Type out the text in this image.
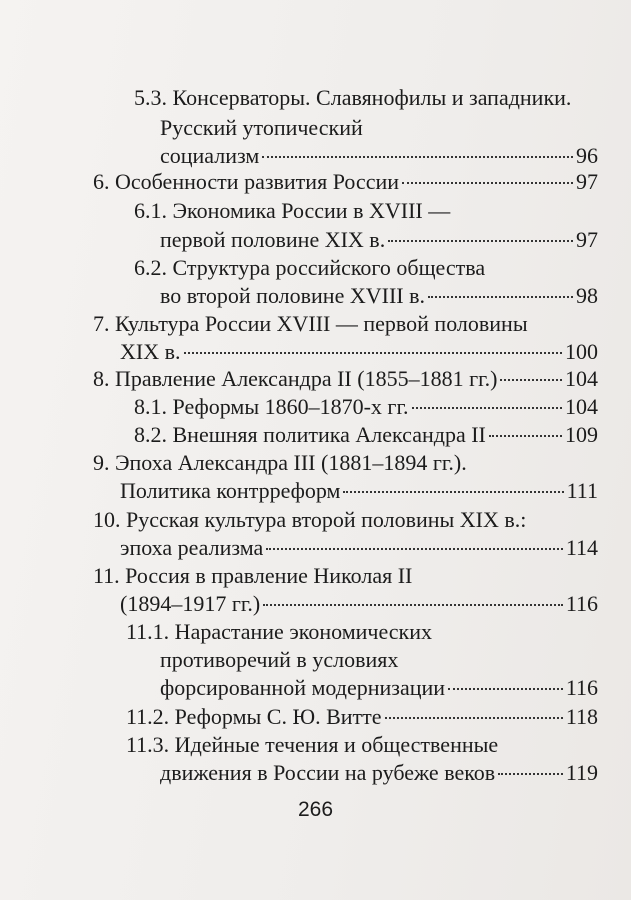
5.3. Консерваторы. Славянофилы и западники.
Русский утопический
социализм	96
6. Особенности развития России	97
6.1. Экономика России в XVIII —
первой половине XIX в.	97
6.2. Структура российского общества
во второй половине XVIII в.	98
7. Культура России XVIII — первой половины
XIX в.	100
8. Правление Александра II (1855–1881 гг.)	104
8.1. Реформы 1860–1870-х гг.	104
8.2. Внешняя политика Александра II	109
9. Эпоха Александра III (1881–1894 гг.).
Политика контрреформ	111
10. Русская культура второй половины XIX в.:
эпоха реализма	114
11. Россия в правление Николая II
(1894–1917 гг.)	116
11.1. Нарастание экономических
противоречий в условиях
форсированной модернизации	116
11.2. Реформы С. Ю. Витте	118
11.3. Идейные течения и общественные
движения в России на рубеже веков	119
266
